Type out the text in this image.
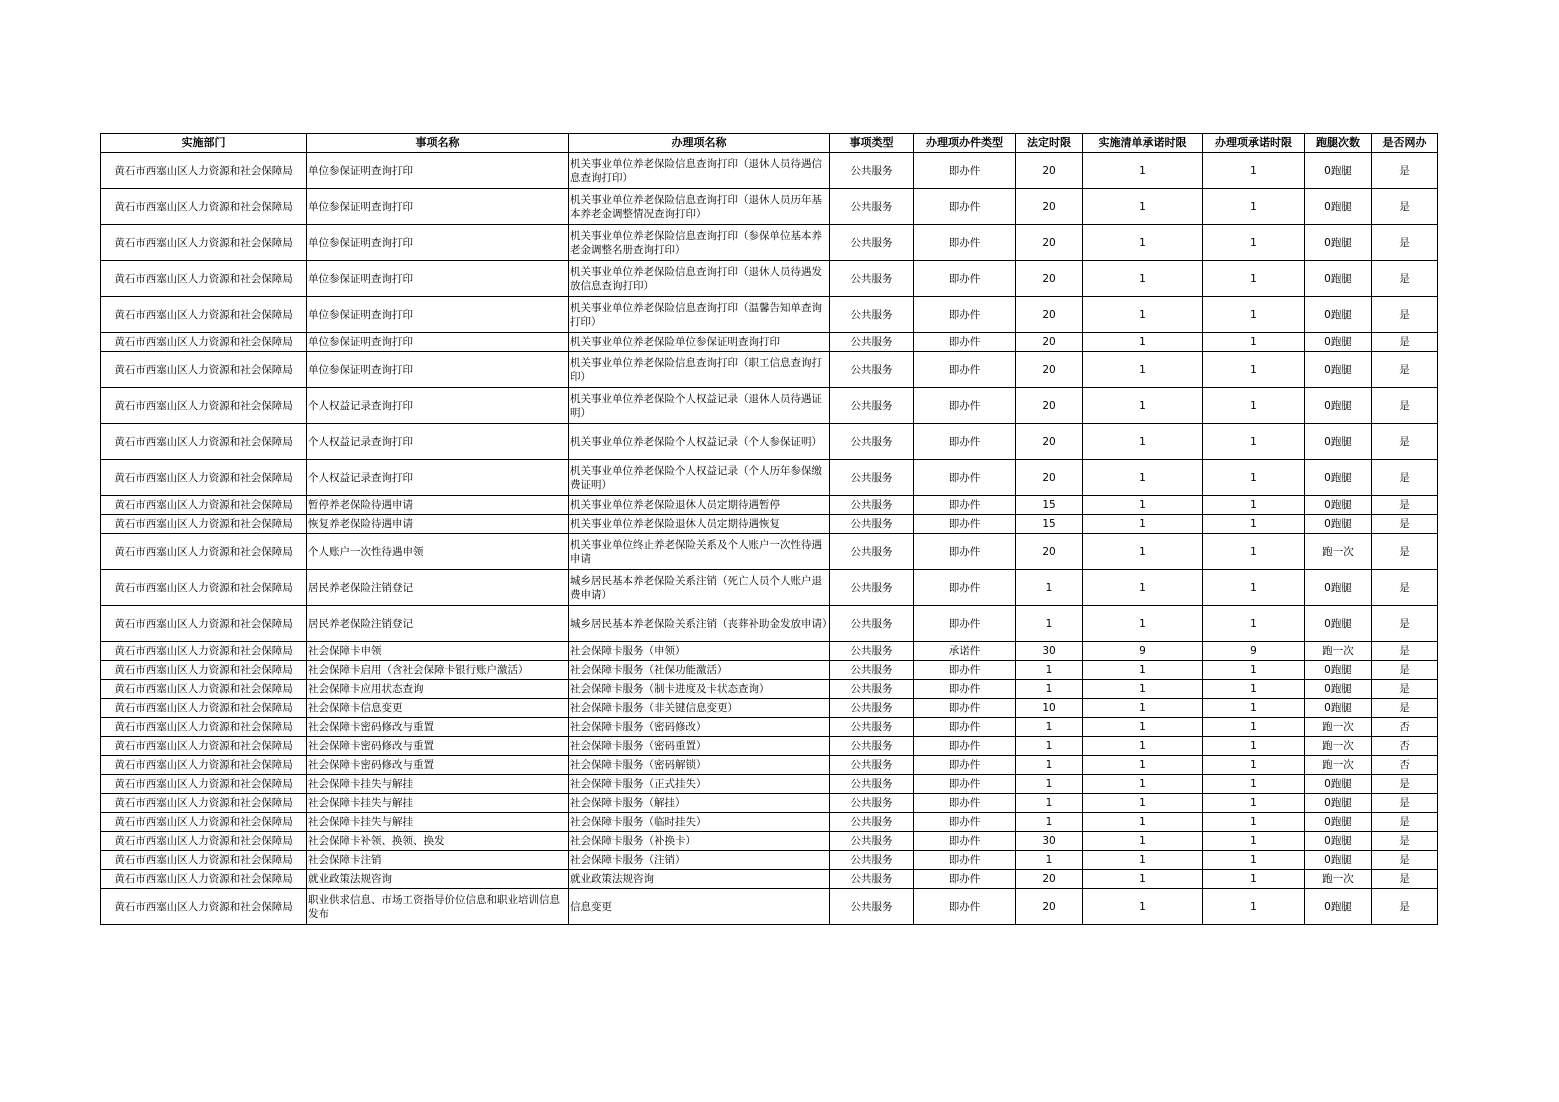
实施部门	事项名称	办理项名称	事项类型	办理项办件类型	法定时限	实施清单承诺时限	办理项承诺时限	跑腿次数	是否网办
黄石市西塞山区人力资源和社会保障局	单位参保证明查询打印	机关事业单位养老保险信息查询打印（退休人员待遇信息查询打印）	公共服务	即办件	20	1	1	0跑腿	是
黄石市西塞山区人力资源和社会保障局	单位参保证明查询打印	机关事业单位养老保险信息查询打印（退休人员历年基本养老金调整情况查询打印）	公共服务	即办件	20	1	1	0跑腿	是
黄石市西塞山区人力资源和社会保障局	单位参保证明查询打印	机关事业单位养老保险信息查询打印（参保单位基本养老金调整名册查询打印）	公共服务	即办件	20	1	1	0跑腿	是
黄石市西塞山区人力资源和社会保障局	单位参保证明查询打印	机关事业单位养老保险信息查询打印（退休人员待遇发放信息查询打印）	公共服务	即办件	20	1	1	0跑腿	是
黄石市西塞山区人力资源和社会保障局	单位参保证明查询打印	机关事业单位养老保险信息查询打印（温馨告知单查询打印）	公共服务	即办件	20	1	1	0跑腿	是
黄石市西塞山区人力资源和社会保障局	单位参保证明查询打印	机关事业单位养老保险单位参保证明查询打印	公共服务	即办件	20	1	1	0跑腿	是
黄石市西塞山区人力资源和社会保障局	单位参保证明查询打印	机关事业单位养老保险信息查询打印（职工信息查询打印）	公共服务	即办件	20	1	1	0跑腿	是
黄石市西塞山区人力资源和社会保障局	个人权益记录查询打印	机关事业单位养老保险个人权益记录（退休人员待遇证明）	公共服务	即办件	20	1	1	0跑腿	是
黄石市西塞山区人力资源和社会保障局	个人权益记录查询打印	机关事业单位养老保险个人权益记录（个人参保证明）	公共服务	即办件	20	1	1	0跑腿	是
黄石市西塞山区人力资源和社会保障局	个人权益记录查询打印	机关事业单位养老保险个人权益记录（个人历年参保缴费证明）	公共服务	即办件	20	1	1	0跑腿	是
黄石市西塞山区人力资源和社会保障局	暂停养老保险待遇申请	机关事业单位养老保险退休人员定期待遇暂停	公共服务	即办件	15	1	1	0跑腿	是
黄石市西塞山区人力资源和社会保障局	恢复养老保险待遇申请	机关事业单位养老保险退休人员定期待遇恢复	公共服务	即办件	15	1	1	0跑腿	是
黄石市西塞山区人力资源和社会保障局	个人账户一次性待遇申领	机关事业单位终止养老保险关系及个人账户一次性待遇申请	公共服务	即办件	20	1	1	跑一次	是
黄石市西塞山区人力资源和社会保障局	居民养老保险注销登记	城乡居民基本养老保险关系注销（死亡人员个人账户退费申请）	公共服务	即办件	1	1	1	0跑腿	是
黄石市西塞山区人力资源和社会保障局	居民养老保险注销登记	城乡居民基本养老保险关系注销（丧葬补助金发放申请）	公共服务	即办件	1	1	1	0跑腿	是
黄石市西塞山区人力资源和社会保障局	社会保障卡申领	社会保障卡服务（申领）	公共服务	承诺件	30	9	9	跑一次	是
黄石市西塞山区人力资源和社会保障局	社会保障卡启用（含社会保障卡银行账户激活）	社会保障卡服务（社保功能激活）	公共服务	即办件	1	1	1	0跑腿	是
黄石市西塞山区人力资源和社会保障局	社会保障卡应用状态查询	社会保障卡服务（制卡进度及卡状态查询）	公共服务	即办件	1	1	1	0跑腿	是
黄石市西塞山区人力资源和社会保障局	社会保障卡信息变更	社会保障卡服务（非关键信息变更）	公共服务	即办件	10	1	1	0跑腿	是
黄石市西塞山区人力资源和社会保障局	社会保障卡密码修改与重置	社会保障卡服务（密码修改）	公共服务	即办件	1	1	1	跑一次	否
黄石市西塞山区人力资源和社会保障局	社会保障卡密码修改与重置	社会保障卡服务（密码重置）	公共服务	即办件	1	1	1	跑一次	否
黄石市西塞山区人力资源和社会保障局	社会保障卡密码修改与重置	社会保障卡服务（密码解锁）	公共服务	即办件	1	1	1	跑一次	否
黄石市西塞山区人力资源和社会保障局	社会保障卡挂失与解挂	社会保障卡服务（正式挂失）	公共服务	即办件	1	1	1	0跑腿	是
黄石市西塞山区人力资源和社会保障局	社会保障卡挂失与解挂	社会保障卡服务（解挂）	公共服务	即办件	1	1	1	0跑腿	是
黄石市西塞山区人力资源和社会保障局	社会保障卡挂失与解挂	社会保障卡服务（临时挂失）	公共服务	即办件	1	1	1	0跑腿	是
黄石市西塞山区人力资源和社会保障局	社会保障卡补领、换领、换发	社会保障卡服务（补换卡）	公共服务	即办件	30	1	1	0跑腿	是
黄石市西塞山区人力资源和社会保障局	社会保障卡注销	社会保障卡服务（注销）	公共服务	即办件	1	1	1	0跑腿	是
黄石市西塞山区人力资源和社会保障局	就业政策法规咨询	就业政策法规咨询	公共服务	即办件	20	1	1	跑一次	是
黄石市西塞山区人力资源和社会保障局	职业供求信息、市场工资指导价位信息和职业培训信息发布	信息变更	公共服务	即办件	20	1	1	0跑腿	是
